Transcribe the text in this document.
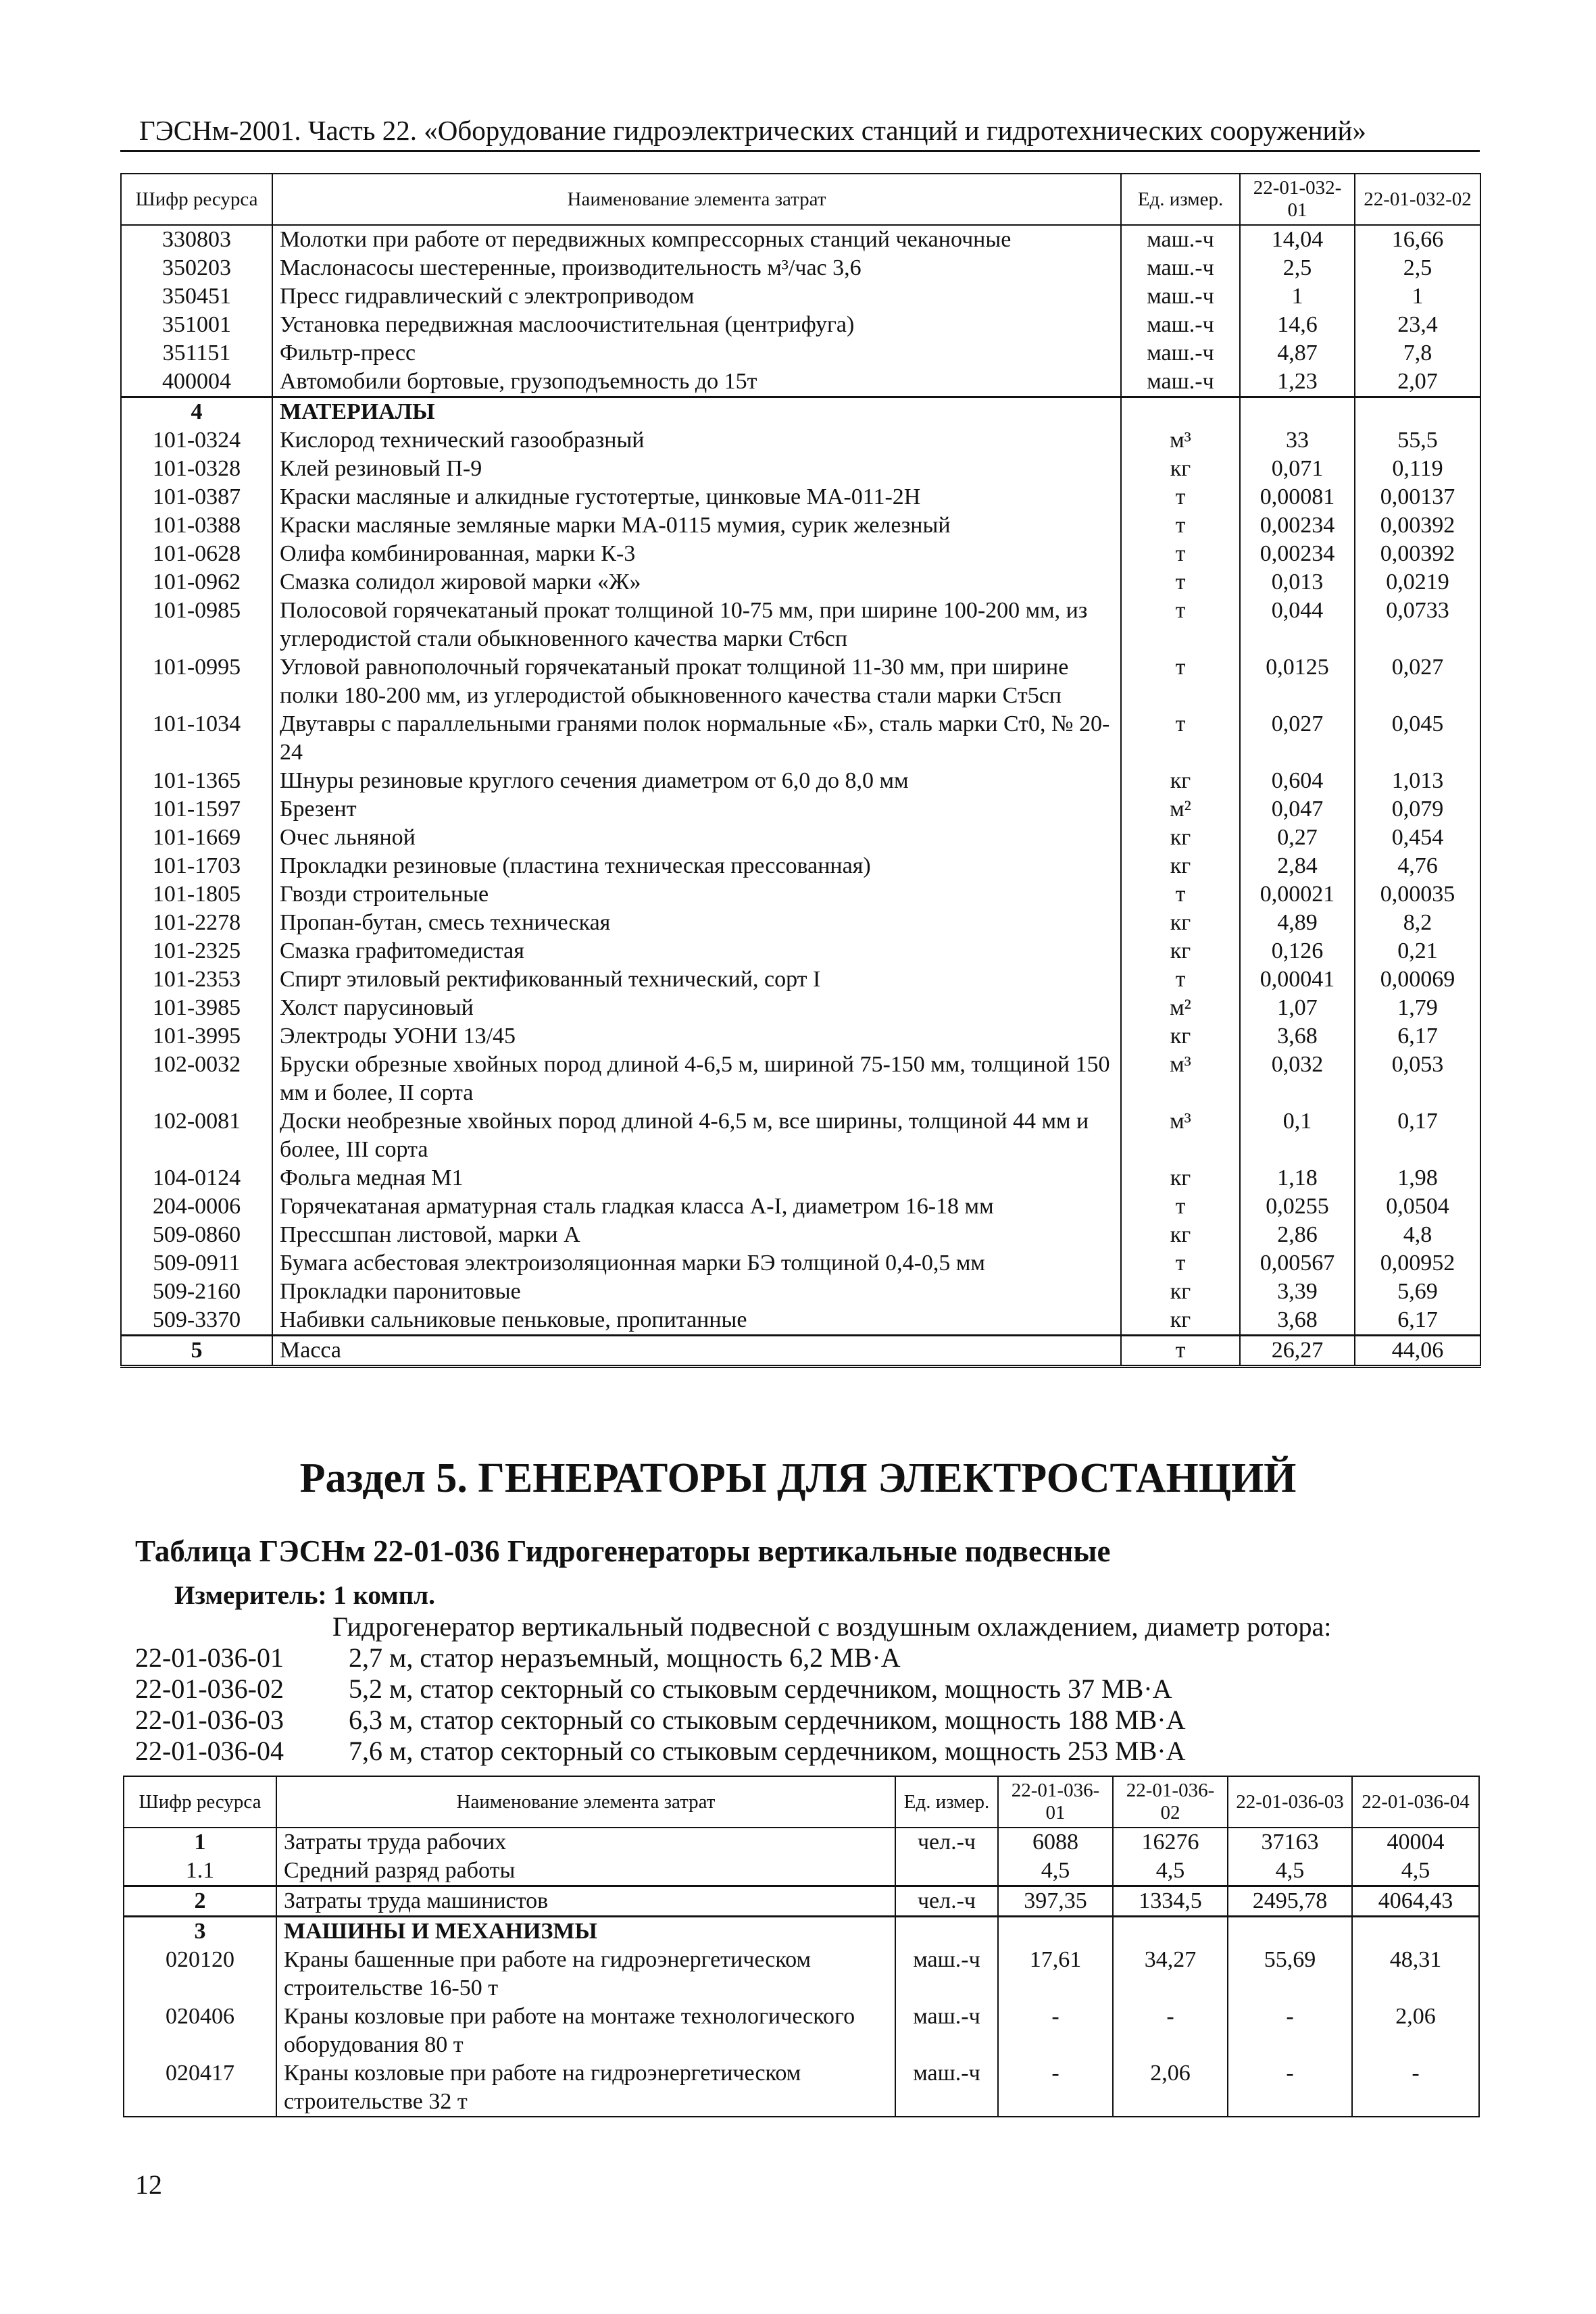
ГЭСНм-2001. Часть 22. «Оборудование гидроэлектрических станций и гидротехнических сооружений»
Шифр ресурса	Наименование элемента затрат	Ед. измер.	22-01-032-01	22-01-032-02
330803	Молотки при работе от передвижных компрессорных станций чеканочные	маш.-ч	14,04	16,66
350203	Маслонасосы шестеренные, производительность м³/час 3,6	маш.-ч	2,5	2,5
350451	Пресс гидравлический с электроприводом	маш.-ч	1	1
351001	Установка передвижная маслоочистительная (центрифуга)	маш.-ч	14,6	23,4
351151	Фильтр-пресс	маш.-ч	4,87	7,8
400004	Автомобили бортовые, грузоподъемность до 15т	маш.-ч	1,23	2,07
4	МАТЕРИАЛЫ			
101-0324	Кислород технический газообразный	м³	33	55,5
101-0328	Клей резиновый П-9	кг	0,071	0,119
101-0387	Краски масляные и алкидные густотертые, цинковые МА-011-2Н	т	0,00081	0,00137
101-0388	Краски масляные земляные марки МА-0115 мумия, сурик железный	т	0,00234	0,00392
101-0628	Олифа комбинированная, марки К-3	т	0,00234	0,00392
101-0962	Смазка солидол жировой марки «Ж»	т	0,013	0,0219
101-0985	Полосовой горячекатаный прокат толщиной 10-75 мм, при ширине 100-200 мм, из углеродистой стали обыкновенного качества марки Ст6сп	т	0,044	0,0733
101-0995	Угловой равнополочный горячекатаный прокат толщиной 11-30 мм, при ширине полки 180-200 мм, из углеродистой обыкновенного качества стали марки Ст5сп	т	0,0125	0,027
101-1034	Двутавры с параллельными гранями полок нормальные «Б», сталь марки Ст0, № 20-24	т	0,027	0,045
101-1365	Шнуры резиновые круглого сечения диаметром от 6,0 до 8,0 мм	кг	0,604	1,013
101-1597	Брезент	м²	0,047	0,079
101-1669	Очес льняной	кг	0,27	0,454
101-1703	Прокладки резиновые (пластина техническая прессованная)	кг	2,84	4,76
101-1805	Гвозди строительные	т	0,00021	0,00035
101-2278	Пропан-бутан, смесь техническая	кг	4,89	8,2
101-2325	Смазка графитомедистая	кг	0,126	0,21
101-2353	Спирт этиловый ректификованный технический, сорт I	т	0,00041	0,00069
101-3985	Холст парусиновый	м²	1,07	1,79
101-3995	Электроды УОНИ 13/45	кг	3,68	6,17
102-0032	Бруски обрезные хвойных пород длиной 4-6,5 м, шириной 75-150 мм, толщиной 150 мм и более, II сорта	м³	0,032	0,053
102-0081	Доски необрезные хвойных пород длиной 4-6,5 м, все ширины, толщиной 44 мм и более, III сорта	м³	0,1	0,17
104-0124	Фольга медная М1	кг	1,18	1,98
204-0006	Горячекатаная арматурная сталь гладкая класса А-I, диаметром 16-18 мм	т	0,0255	0,0504
509-0860	Прессшпан листовой, марки А	кг	2,86	4,8
509-0911	Бумага асбестовая электроизоляционная марки БЭ толщиной 0,4-0,5 мм	т	0,00567	0,00952
509-2160	Прокладки паронитовые	кг	3,39	5,69
509-3370	Набивки сальниковые пеньковые, пропитанные	кг	3,68	6,17
5	Масса	т	26,27	44,06
Раздел 5. ГЕНЕРАТОРЫ ДЛЯ ЭЛЕКТРОСТАНЦИЙ
Таблица ГЭСНм 22-01-036 Гидрогенераторы вертикальные подвесные
Измеритель: 1 компл.
Гидрогенератор вертикальный подвесной с воздушным охлаждением, диаметр ротора:
22-01-036-01 2,7 м, статор неразъемный, мощность 6,2 МВ·А
22-01-036-02 5,2 м, статор секторный со стыковым сердечником, мощность 37 МВ·А
22-01-036-03 6,3 м, статор секторный со стыковым сердечником, мощность 188 МВ·А
22-01-036-04 7,6 м, статор секторный со стыковым сердечником, мощность 253 МВ·А
Шифр ресурса	Наименование элемента затрат	Ед. измер.	22-01-036-01	22-01-036-02	22-01-036-03	22-01-036-04
1	Затраты труда рабочих	чел.-ч	6088	16276	37163	40004
1.1	Средний разряд работы		4,5	4,5	4,5	4,5
2	Затраты труда машинистов	чел.-ч	397,35	1334,5	2495,78	4064,43
3	МАШИНЫ И МЕХАНИЗМЫ					
020120	Краны башенные при работе на гидроэнергетическом строительстве 16-50 т	маш.-ч	17,61	34,27	55,69	48,31
020406	Краны козловые при работе на монтаже технологического оборудования 80 т	маш.-ч	-	-	-	2,06
020417	Краны козловые при работе на гидроэнергетическом строительстве 32 т	маш.-ч	-	2,06	-	-
12
